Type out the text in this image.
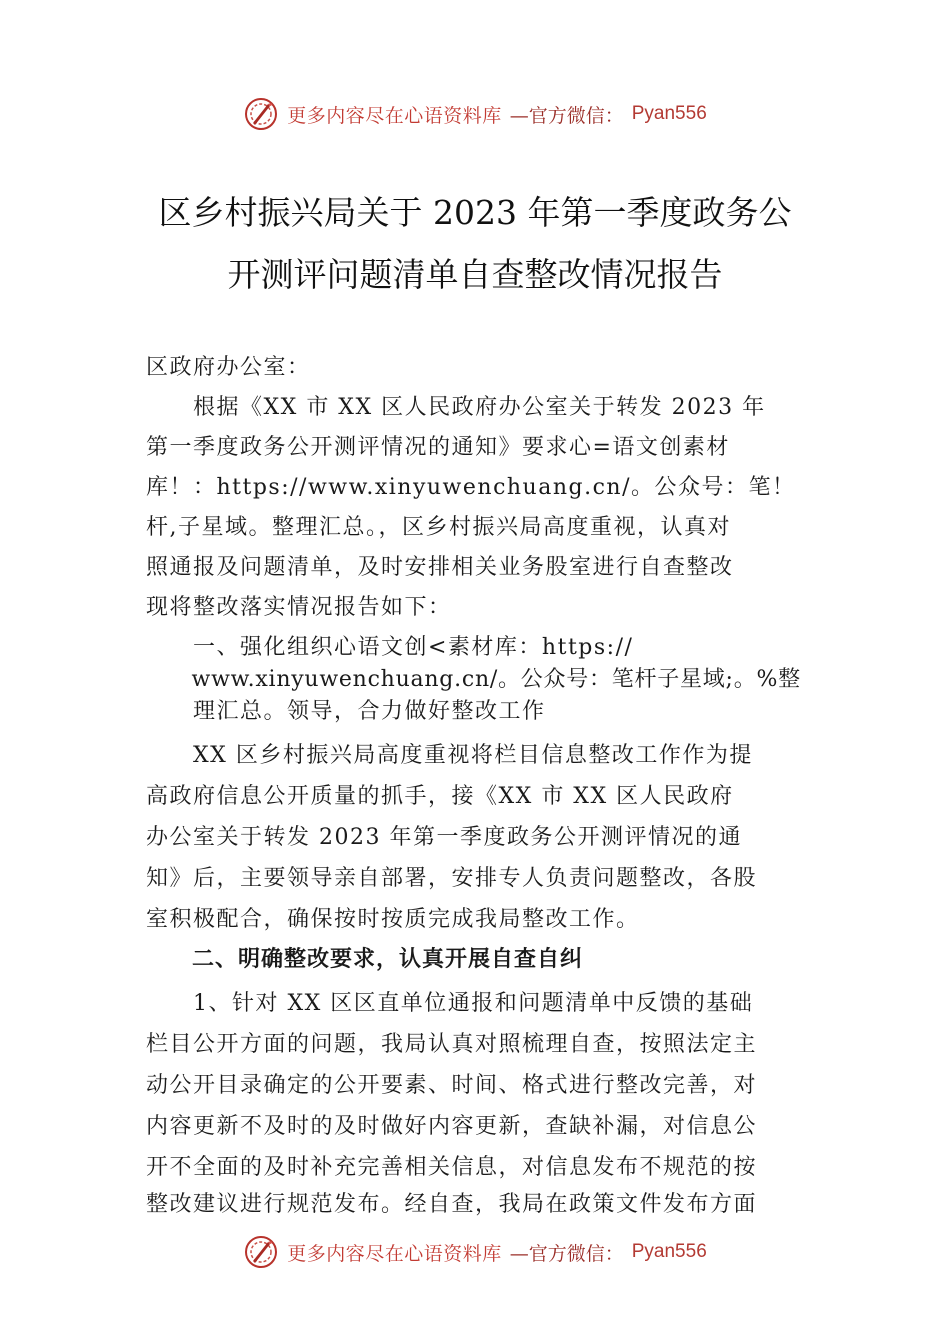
更多内容尽在心语资料库 —官方微信： Pyan556
区乡村振兴局关于 2023 年第一季度政务公
开测评问题清单自查整改情况报告
区政府办公室：
　　根据《XX 市 XX 区人民政府办公室关于转发 2023 年
第一季度政务公开测评情况的通知》要求心=语文创素材
库！：https://www.xinyuwenchuang.cn/。公众号：笔！
杆,子星域。整理汇总。，区乡村振兴局高度重视，认真对
照通报及问题清单，及时安排相关业务股室进行自查整改
现将整改落实情况报告如下：
　　一、强化组织心语文创<素材库：https://
　　www.xinyuwenchuang.cn/。公众号：笔杆子星域;。%整
　　理汇总。领导，合力做好整改工作
　　XX 区乡村振兴局高度重视将栏目信息整改工作作为提
高政府信息公开质量的抓手，接《XX 市 XX 区人民政府
办公室关于转发 2023 年第一季度政务公开测评情况的通
知》后，主要领导亲自部署，安排专人负责问题整改，各股
室积极配合，确保按时按质完成我局整改工作。
　　二、明确整改要求，认真开展自查自纠
　　1、针对 XX 区区直单位通报和问题清单中反馈的基础
栏目公开方面的问题，我局认真对照梳理自查，按照法定主
动公开目录确定的公开要素、时间、格式进行整改完善，对
内容更新不及时的及时做好内容更新，查缺补漏，对信息公
开不全面的及时补充完善相关信息，对信息发布不规范的按
整改建议进行规范发布。经自查，我局在政策文件发布方面
更多内容尽在心语资料库 —官方微信： Pyan556
